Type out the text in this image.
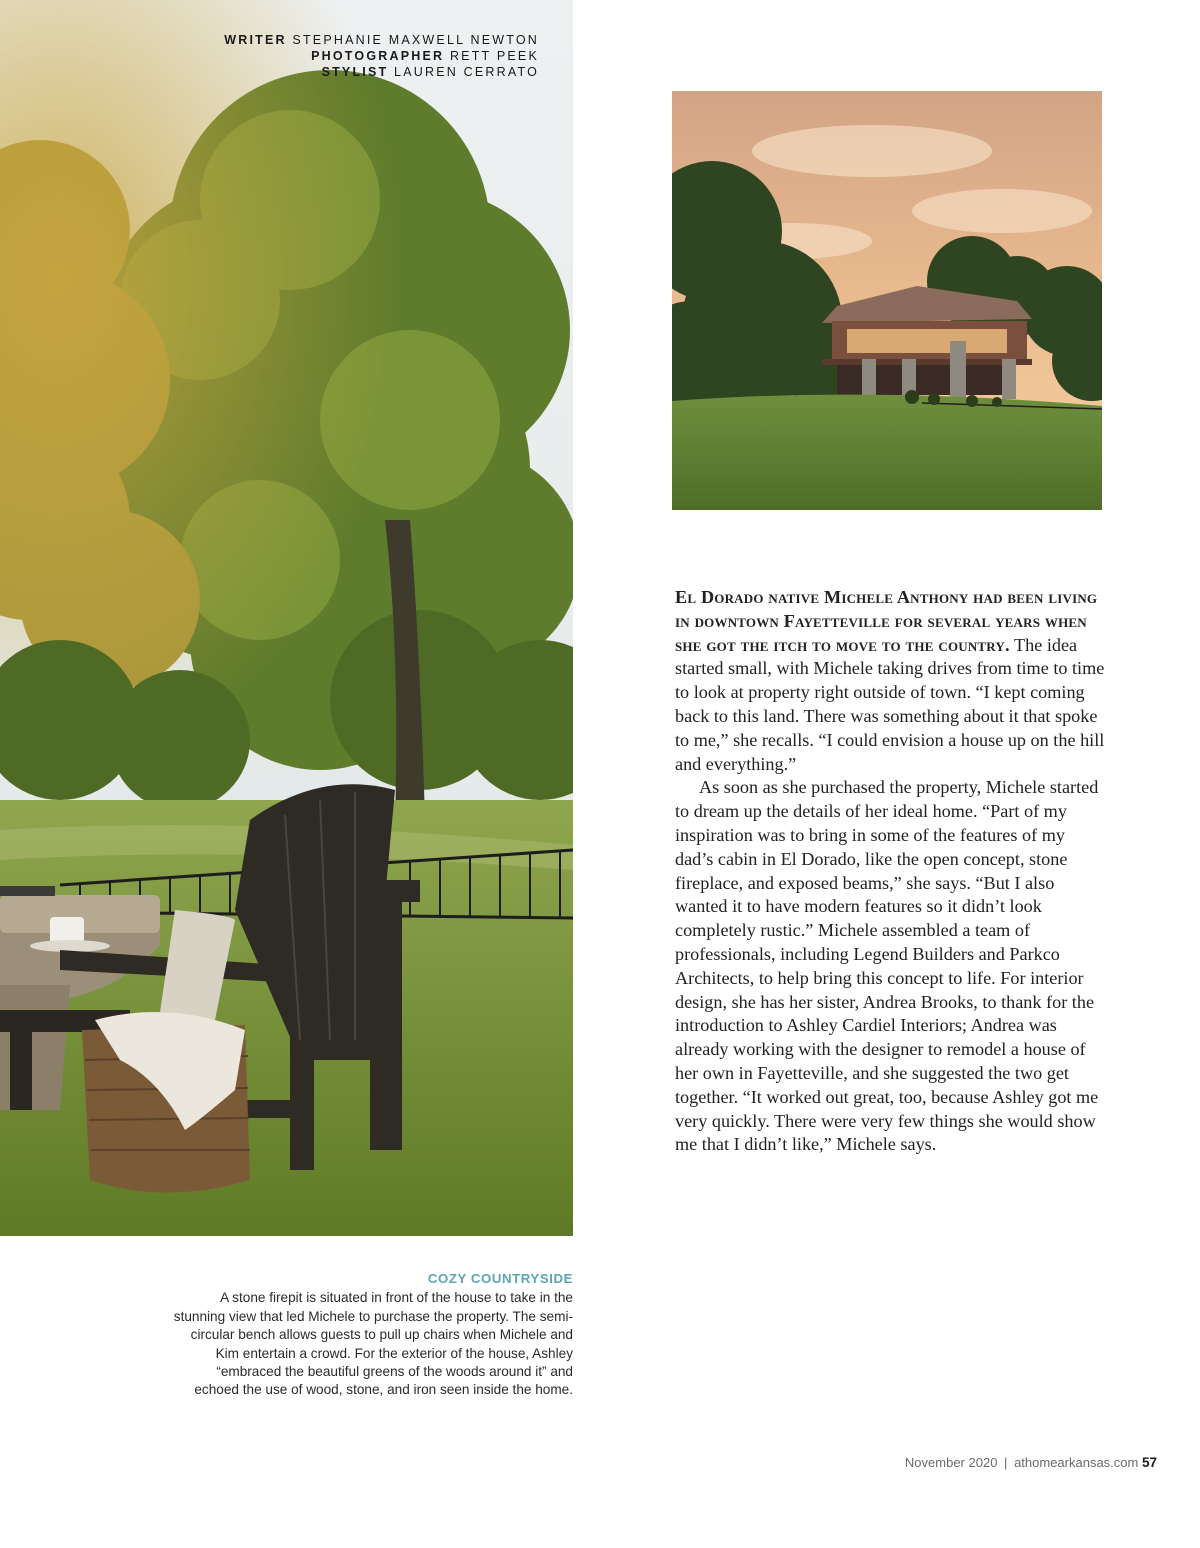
WRITER STEPHANIE MAXWELL NEWTON
PHOTOGRAPHER RETT PEEK
STYLIST LAUREN CERRATO

El Dorado native Michele Anthony had been living in downtown Fayetteville for several years when she got the itch to move to the country. The idea started small, with Michele taking drives from time to time to look at property right outside of town. “I kept coming back to this land. There was something about it that spoke to me,” she recalls. “I could envision a house up on the hill and everything.”

As soon as she purchased the property, Michele started to dream up the details of her ideal home. “Part of my inspiration was to bring in some of the features of my dad’s cabin in El Dorado, like the open concept, stone fireplace, and exposed beams,” she says. “But I also wanted it to have modern features so it didn’t look completely rustic.” Michele assembled a team of professionals, including Legend Builders and Parkco Architects, to help bring this concept to life. For interior design, she has her sister, Andrea Brooks, to thank for the introduction to Ashley Cardiel Interiors; Andrea was already working with the designer to remodel a house of her own in Fayetteville, and she suggested the two get together. “It worked out great, too, because Ashley got me very quickly. There were very few things she would show me that I didn’t like,” Michele says.

COZY COUNTRYSIDE
A stone firepit is situated in front of the house to take in the stunning view that led Michele to purchase the property. The semi-circular bench allows guests to pull up chairs when Michele and Kim entertain a crowd. For the exterior of the house, Ashley “embraced the beautiful greens of the woods around it” and echoed the use of wood, stone, and iron seen inside the home.
November 2020 | athomearkansas.com 57
